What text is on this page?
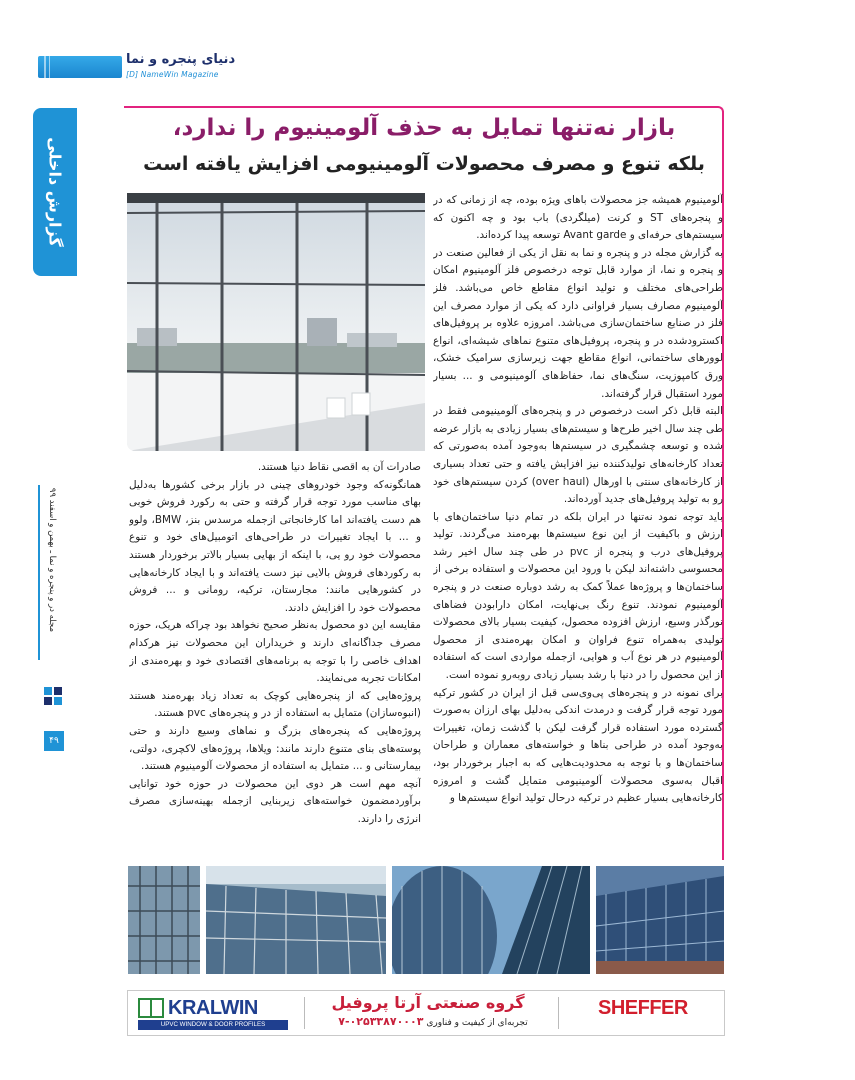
دنیای پنجره و نما
[D] NameWin Magazine
گزارش داخلی
مجله در و پنجره و نما ـ بهمن و اسفند ۹۹
۴۹
بازار نه‌تنها تمایل به حذف آلومینیوم را ندارد،
بلکه تنوع و مصرف محصولات آلومینیومی افزایش یافته است

آلومینیوم همیشه جز محصولات باهای ویژه بوده، چه از زمانی که در و پنجره‌های ST و کرنت (میلگردی) باب بود و چه اکنون که سیستم‌های حرفه‌ای و Avant garde توسعه پیدا کرده‌اند.

به گزارش مجله در و پنجره و نما به نقل از یکی از فعالین صنعت در و پنجره و نما، از موارد قابل توجه درخصوص فلز آلومینیوم امکان طراحی‌های مختلف و تولید انواع مقاطع خاص می‌باشد. فلز آلومینیوم مصارف بسیار فراوانی دارد که یکی از موارد مصرف این فلز در صنایع ساختمان‌سازی می‌باشد. امروزه علاوه بر پروفیل‌های اکسترودشده در و پنجره، پروفیل‌های متنوع نماهای شیشه‌ای، انواع لوورهای ساختمانی، انواع مقاطع جهت زیرسازی سرامیک خشک، ورق کامپوزیت، سنگ‌های نما، حفاظ‌های آلومینیومی و ... بسیار مورد استقبال قرار گرفته‌اند.

البته قابل ذکر است درخصوص در و پنجره‌های آلومینیومی فقط در طی چند سال اخیر طرح‌ها و سیستم‌های بسیار زیادی به بازار عرضه شده و توسعه چشمگیری در سیستم‌ها به‌وجود آمده به‌صورتی که تعداد کارخانه‌های تولیدکننده نیز افزایش یافته و حتی تعداد بسیاری از کارخانه‌های سنتی با اورهال (over haul) کردن سیستم‌های خود رو به تولید پروفیل‌های جدید آورده‌اند.

باید توجه نمود نه‌تنها در ایران بلکه در تمام دنیا ساختمان‌های با ارزش و باکیفیت از این نوع سیستم‌ها بهره‌مند می‌گردند. تولید پروفیل‌های درب و پنجره از pvc در طی چند سال اخیر رشد محسوسی داشته‌اند لیکن با ورود این محصولات و استفاده برخی از ساختمان‌ها و پروژه‌ها عملاً کمک به رشد دوباره صنعت در و پنجره آلومینیوم نمودند. تنوع رنگ بی‌نهایت، امکان دارابودن فضاهای نورگذر وسیع، ارزش افزوده محصول، کیفیت بسیار بالای محصولات تولیدی به‌همراه تنوع فراوان و امکان بهره‌مندی از محصول آلومینیوم در هر نوع آب و هوایی، ازجمله مواردی است که استفاده از این محصول را در دنیا با رشد بسیار زیادی روبه‌رو نموده است.

برای نمونه در و پنجره‌های پی‌وی‌سی قبل از ایران در کشور ترکیه مورد توجه قرار گرفت و درمدت اندکی به‌دلیل بهای ارزان به‌صورت گسترده مورد استفاده قرار گرفت لیکن با گذشت زمان، تغییرات به‌وجود آمده در طراحی بناها و خواسته‌های معماران و طراحان ساختمان‌ها و با توجه به محدودیت‌هایی که به اجبار برخوردار بود، اقبال به‌سوی محصولات آلومینیومی متمایل گشت و امروزه کارخانه‌هایی بسیار عظیم در ترکیه درحال تولید انواع سیستم‌ها و

صادرات آن به اقصی نقاط دنیا هستند.

همانگونه‌که وجود خودروهای چینی در بازار برخی کشورها به‌دلیل بهای مناسب مورد توجه قرار گرفته و حتی به رکورد فروش خوبی هم دست یافته‌اند اما کارخانجاتی ازجمله مرسدس بنز، BMW، ولوو و ... با ایجاد تغییرات در طراحی‌های اتومبیل‌های خود و تنوع محصولات خود رو یی، با اینکه از بهایی بسیار بالاتر برخوردار هستند به رکوردهای فروش بالایی نیز دست یافته‌اند و با ایجاد کارخانه‌هایی در کشورهایی مانند: مجارستان، ترکیه، رومانی و ... فروش محصولات خود را افزایش دادند.

مقایسه این دو محصول به‌نظر صحیح نخواهد بود چراکه هریک، حوزه مصرف جداگانه‌ای دارند و خریداران این محصولات نیز هرکدام اهداف خاصی را با توجه به برنامه‌های اقتصادی خود و بهره‌مندی از امکانات تجربه می‌نمایند.

پروژه‌هایی که از پنجره‌هایی کوچک به تعداد زیاد بهره‌مند هستند (انبوه‌سازان) متمایل به استفاده از در و پنجره‌های pvc هستند.

پروژه‌هایی که پنجره‌های بزرگ و نماهای وسیع دارند و حتی پوسته‌های بنای متنوع دارند مانند: ویلاها، پروژه‌های لاکچری، دولتی، بیمارستانی و ... متمایل به استفاده از محصولات آلومینیوم هستند.

آنچه مهم است هر دوی این محصولات در حوزه خود توانایی برآوردمضمون خواسته‌های زیربنایی ازجمله بهینه‌سازی مصرف انرژی را دارند.

KRALWIN
UPVC WINDOW & DOOR PROFILES
گروه صنعتی آرتا پروفیل
تجربه‌ای از کیفیت و فناوری ۰۲۵۳۳۸۷۰۰۰۳-۷
SHEFFER
